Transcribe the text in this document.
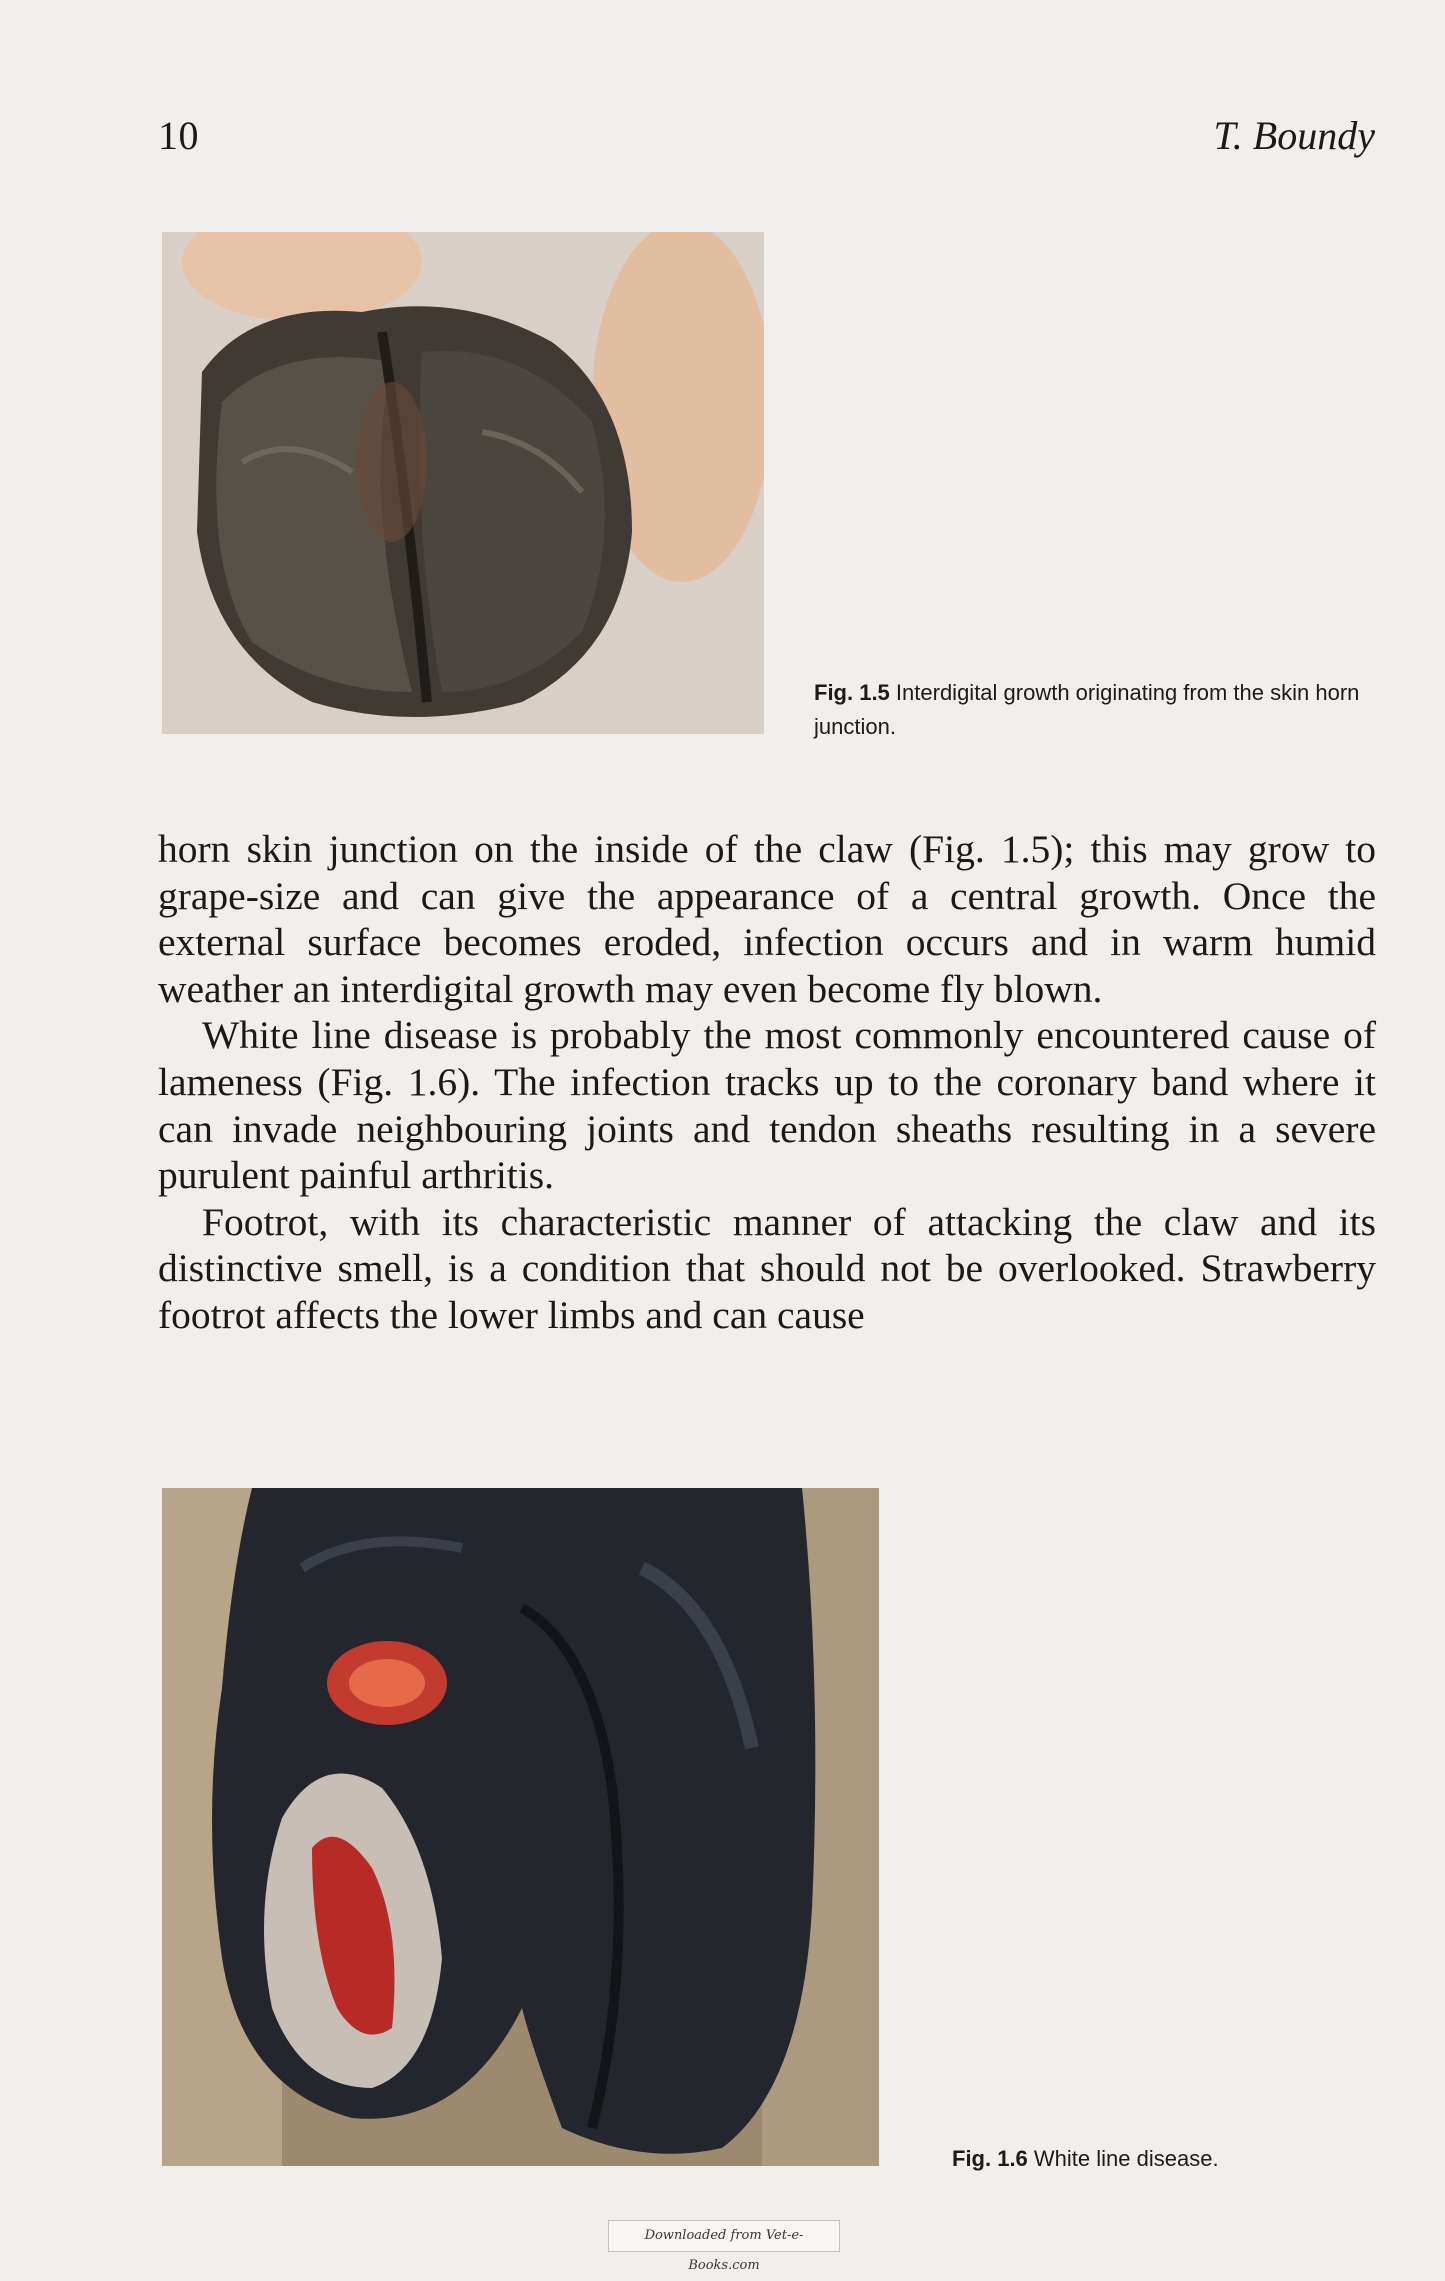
10	T. Boundy
Fig. 1.5 Interdigital growth originating from the skin horn junction.

horn skin junction on the inside of the claw (Fig. 1.5); this may grow to grape-size and can give the appearance of a central growth. Once the external surface becomes eroded, infection occurs and in warm humid weather an interdigital growth may even become fly blown.

White line disease is probably the most commonly encountered cause of lameness (Fig. 1.6). The infection tracks up to the coronary band where it can invade neighbouring joints and tendon sheaths resulting in a severe purulent painful arthritis.

Footrot, with its characteristic manner of attacking the claw and its distinctive smell, is a condition that should not be overlooked. Strawberry footrot affects the lower limbs and can cause

Fig. 1.6 White line disease.
Downloaded from Vet-e-Books.com
